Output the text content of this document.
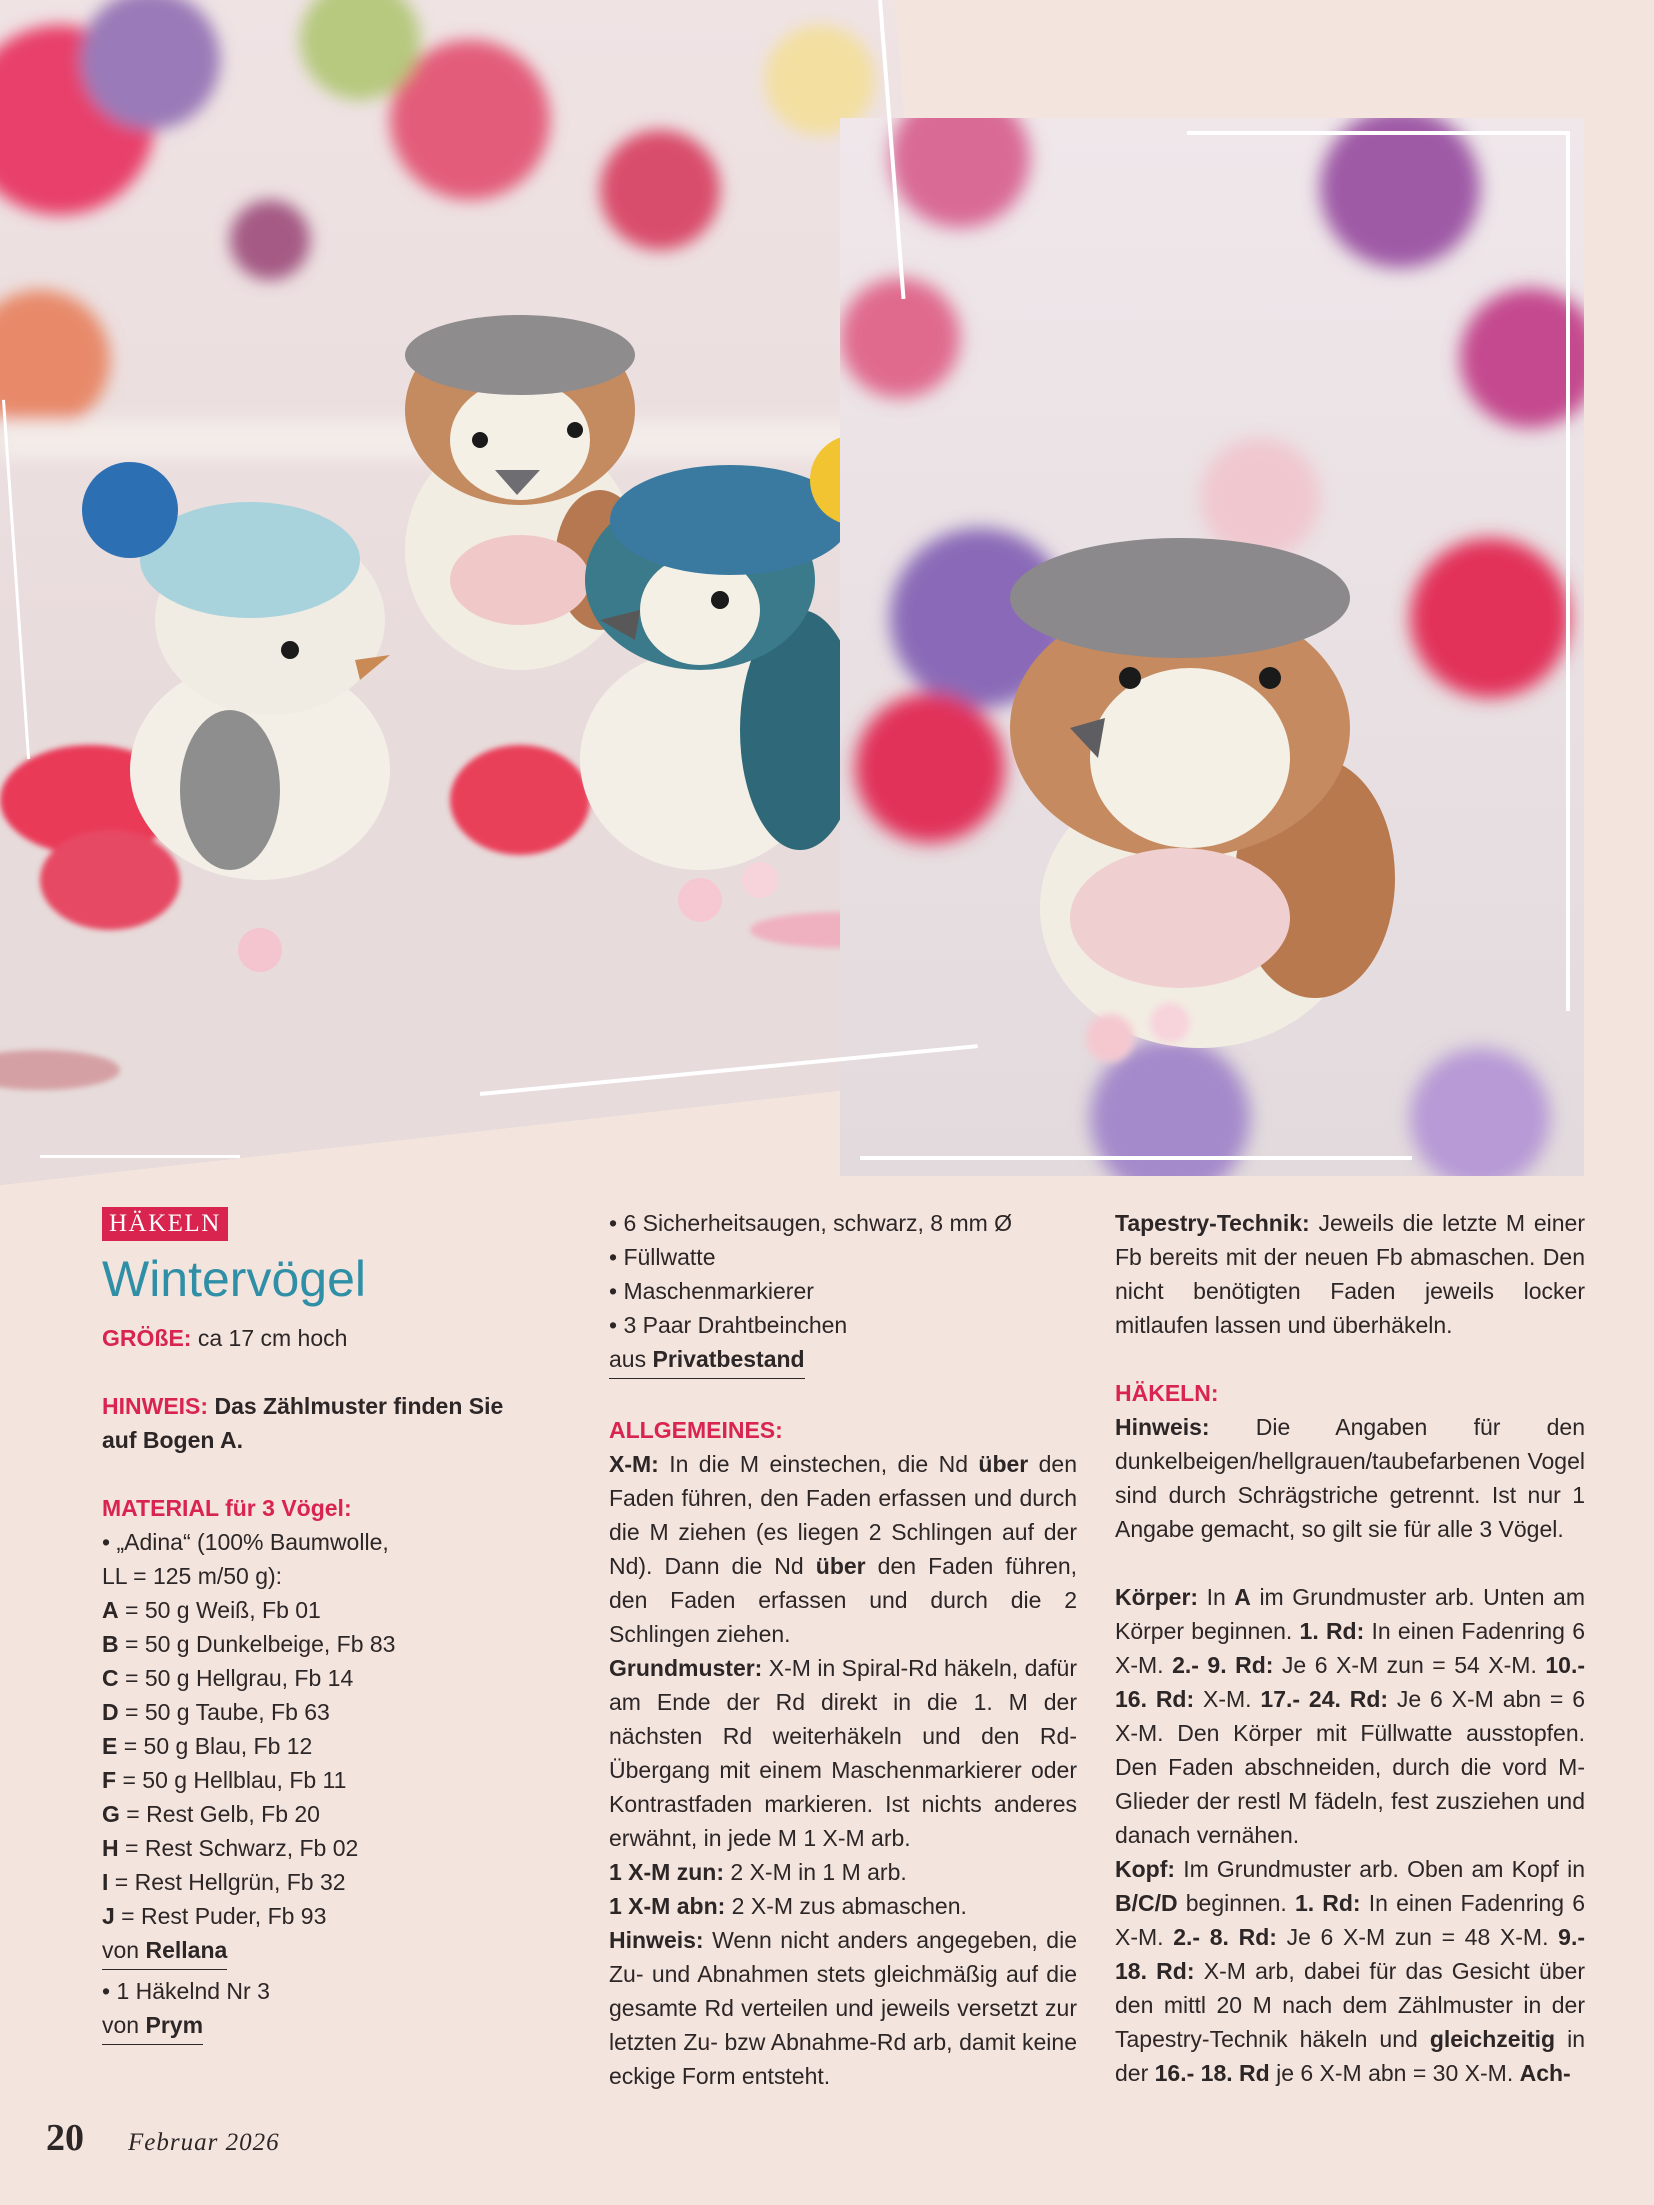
HÄKELN
Wintervögel

GRÖßE: ca 17 cm hoch

HINWEIS: Das Zählmuster finden Sie auf Bogen A.

MATERIAL für 3 Vögel:

• „Adina“ (100% Baumwolle,

LL = 125 m/50 g):

A = 50 g Weiß, Fb 01

B = 50 g Dunkelbeige, Fb 83

C = 50 g Hellgrau, Fb 14

D = 50 g Taube, Fb 63

E = 50 g Blau, Fb 12

F = 50 g Hellblau, Fb 11

G = Rest Gelb, Fb 20

H = Rest Schwarz, Fb 02

I = Rest Hellgrün, Fb 32

J = Rest Puder, Fb 93

von Rellana

• 1 Häkelnd Nr 3

von Prym

• 6 Sicherheitsaugen, schwarz, 8 mm Ø

• Füllwatte

• Maschenmarkierer

• 3 Paar Drahtbeinchen

aus Privatbestand

ALLGEMEINES:

X-M: In die M einstechen, die Nd über den Faden führen, den Faden erfassen und durch die M ziehen (es liegen 2 Schlingen auf der Nd). Dann die Nd über den Faden führen, den Faden erfassen und durch die 2 Schlingen ziehen.

Grundmuster: X-M in Spiral-Rd häkeln, dafür am Ende der Rd direkt in die 1. M der nächsten Rd weiterhäkeln und den Rd-Übergang mit einem Maschenmarkierer oder Kontrastfaden markieren. Ist nichts anderes erwähnt, in jede M 1 X-M arb.

1 X-M zun: 2 X-M in 1 M arb.

1 X-M abn: 2 X-M zus abmaschen.

Hinweis: Wenn nicht anders angegeben, die Zu- und Abnahmen stets gleichmäßig auf die gesamte Rd verteilen und jeweils versetzt zur letzten Zu- bzw Abnahme-Rd arb, damit keine eckige Form entsteht.

Tapestry-Technik: Jeweils die letzte M einer Fb bereits mit der neuen Fb abmaschen. Den nicht benötigten Faden jeweils locker mitlaufen lassen und überhäkeln.

HÄKELN:

Hinweis: Die Angaben für den dunkelbeigen/hellgrauen/taubefarbenen Vogel sind durch Schrägstriche getrennt. Ist nur 1 Angabe gemacht, so gilt sie für alle 3 Vögel.

Körper: In A im Grundmuster arb. Unten am Körper beginnen. 1. Rd: In einen Fadenring 6 X-M. 2.- 9. Rd: Je 6 X-M zun = 54 X-M. 10.- 16. Rd: X-M. 17.- 24. Rd: Je 6 X-M abn = 6 X-M. Den Körper mit Füllwatte ausstopfen. Den Faden abschneiden, durch die vord M-Glieder der restl M fädeln, fest zusziehen und danach vernähen.

Kopf: Im Grundmuster arb. Oben am Kopf in B/C/D beginnen. 1. Rd: In einen Fadenring 6 X-M. 2.- 8. Rd: Je 6 X-M zun = 48 X-M. 9.- 18. Rd: X-M arb, dabei für das Gesicht über den mittl 20 M nach dem Zählmuster in der Tapestry-Technik häkeln und gleichzeitig in der 16.- 18. Rd je 6 X-M abn = 30 X-M. Ach-

20 Februar 2026
